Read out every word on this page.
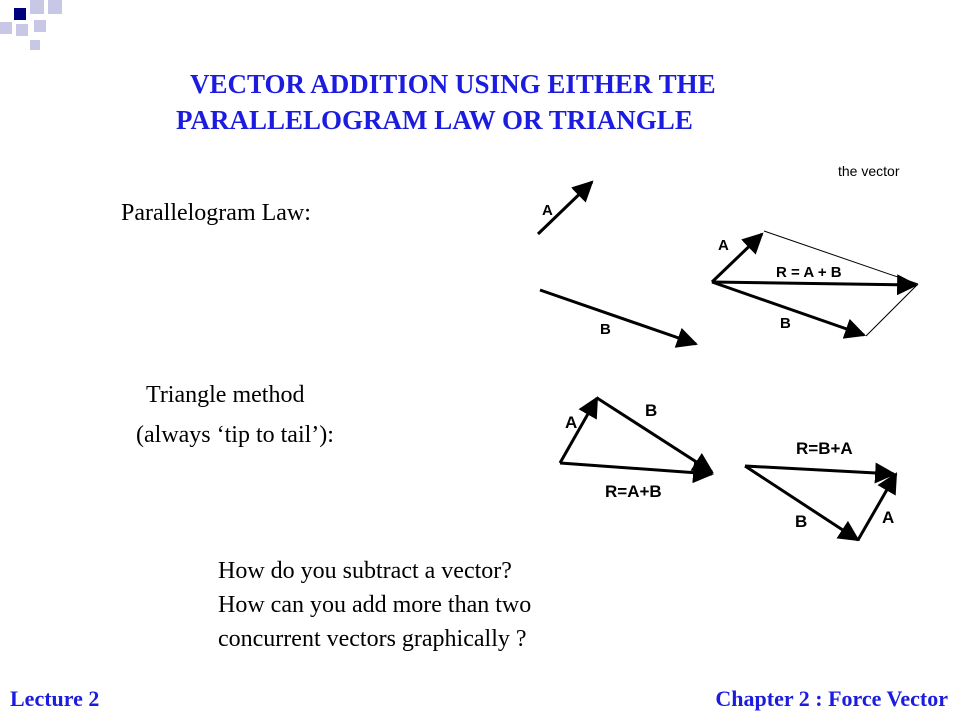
VECTOR ADDITION USING EITHER THE
PARALLELOGRAM LAW OR TRIANGLE
Parallelogram Law:
Triangle method
(always ‘tip to tail’):
How do you subtract a vector?
How can you add more than two
concurrent vectors graphically ?
Lecture 2	Chapter 2 : Force Vector
the vector
A
B
A
R = A + B
B
A
B
R=A+B
R=B+A
B	A
